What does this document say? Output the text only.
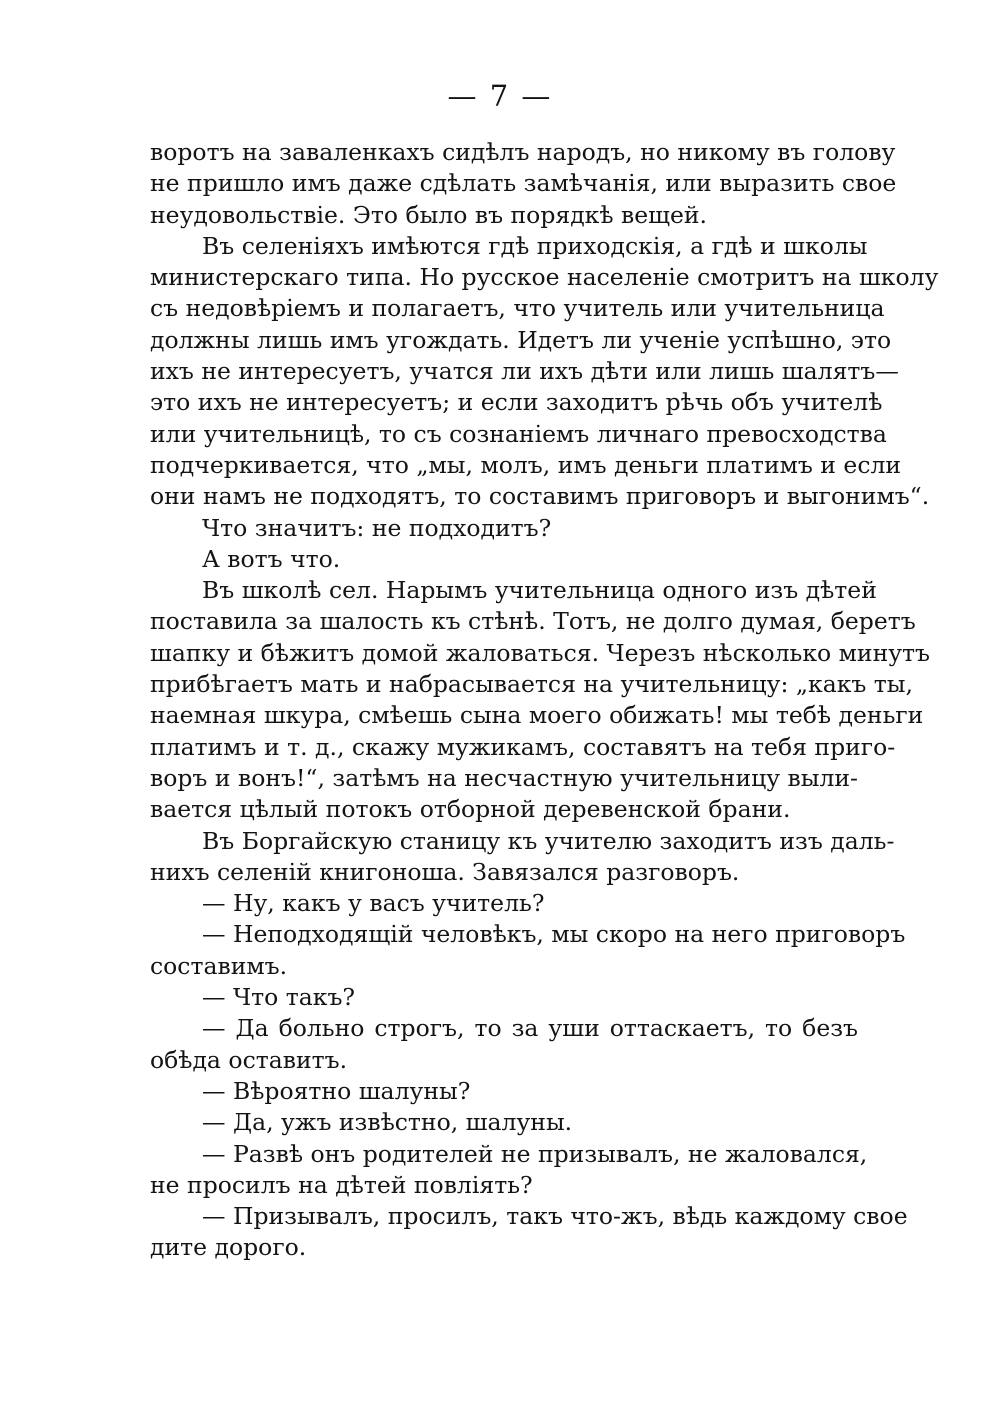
— 7 —
воротъ на заваленкахъ сидѣлъ народъ, но никому въ голову
не пришло имъ даже сдѣлать замѣчанія, или выразить свое
неудовольствіе. Это было въ порядкѣ вещей.
Въ селеніяхъ имѣются гдѣ приходскія, а гдѣ и школы
министерскаго типа. Но русское населеніе смотритъ на школу
съ недовѣріемъ и полагаетъ, что учитель или учительница
должны лишь имъ угождать. Идетъ ли ученіе успѣшно, это
ихъ не интересуетъ, учатся ли ихъ дѣти или лишь шалятъ—
это ихъ не интересуетъ; и если заходитъ рѣчь объ учителѣ
или учительницѣ, то съ сознаніемъ личнаго превосходства
подчеркивается, что „мы, молъ, имъ деньги платимъ и если
они намъ не подходятъ, то составимъ приговоръ и выгонимъ“.
Что значитъ: не подходитъ?
А вотъ что.
Въ школѣ сел. Нарымъ учительница одного изъ дѣтей
поставила за шалость къ стѣнѣ. Тотъ, не долго думая, беретъ
шапку и бѣжитъ домой жаловаться. Черезъ нѣсколько минутъ
прибѣгаетъ мать и набрасывается на учительницу: „какъ ты,
наемная шкура, смѣешь сына моего обижать! мы тебѣ деньги
платимъ и т. д., скажу мужикамъ, составятъ на тебя приго-
воръ и вонъ!“, затѣмъ на несчастную учительницу выли-
вается цѣлый потокъ отборной деревенской брани.
Въ Боргайскую станицу къ учителю заходитъ изъ даль-
нихъ селеній книгоноша. Завязался разговоръ.
— Ну, какъ у васъ учитель?
— Неподходящій человѣкъ, мы скоро на него приговоръ
составимъ.
— Что такъ?
— Да больно строгъ, то за уши оттаскаетъ, то безъ
обѣда оставитъ.
— Вѣроятно шалуны?
— Да, ужъ извѣстно, шалуны.
— Развѣ онъ родителей не призывалъ, не жаловался,
не просилъ на дѣтей повліять?
— Призывалъ, просилъ, такъ что-жъ, вѣдь каждому свое
дите дорого.
